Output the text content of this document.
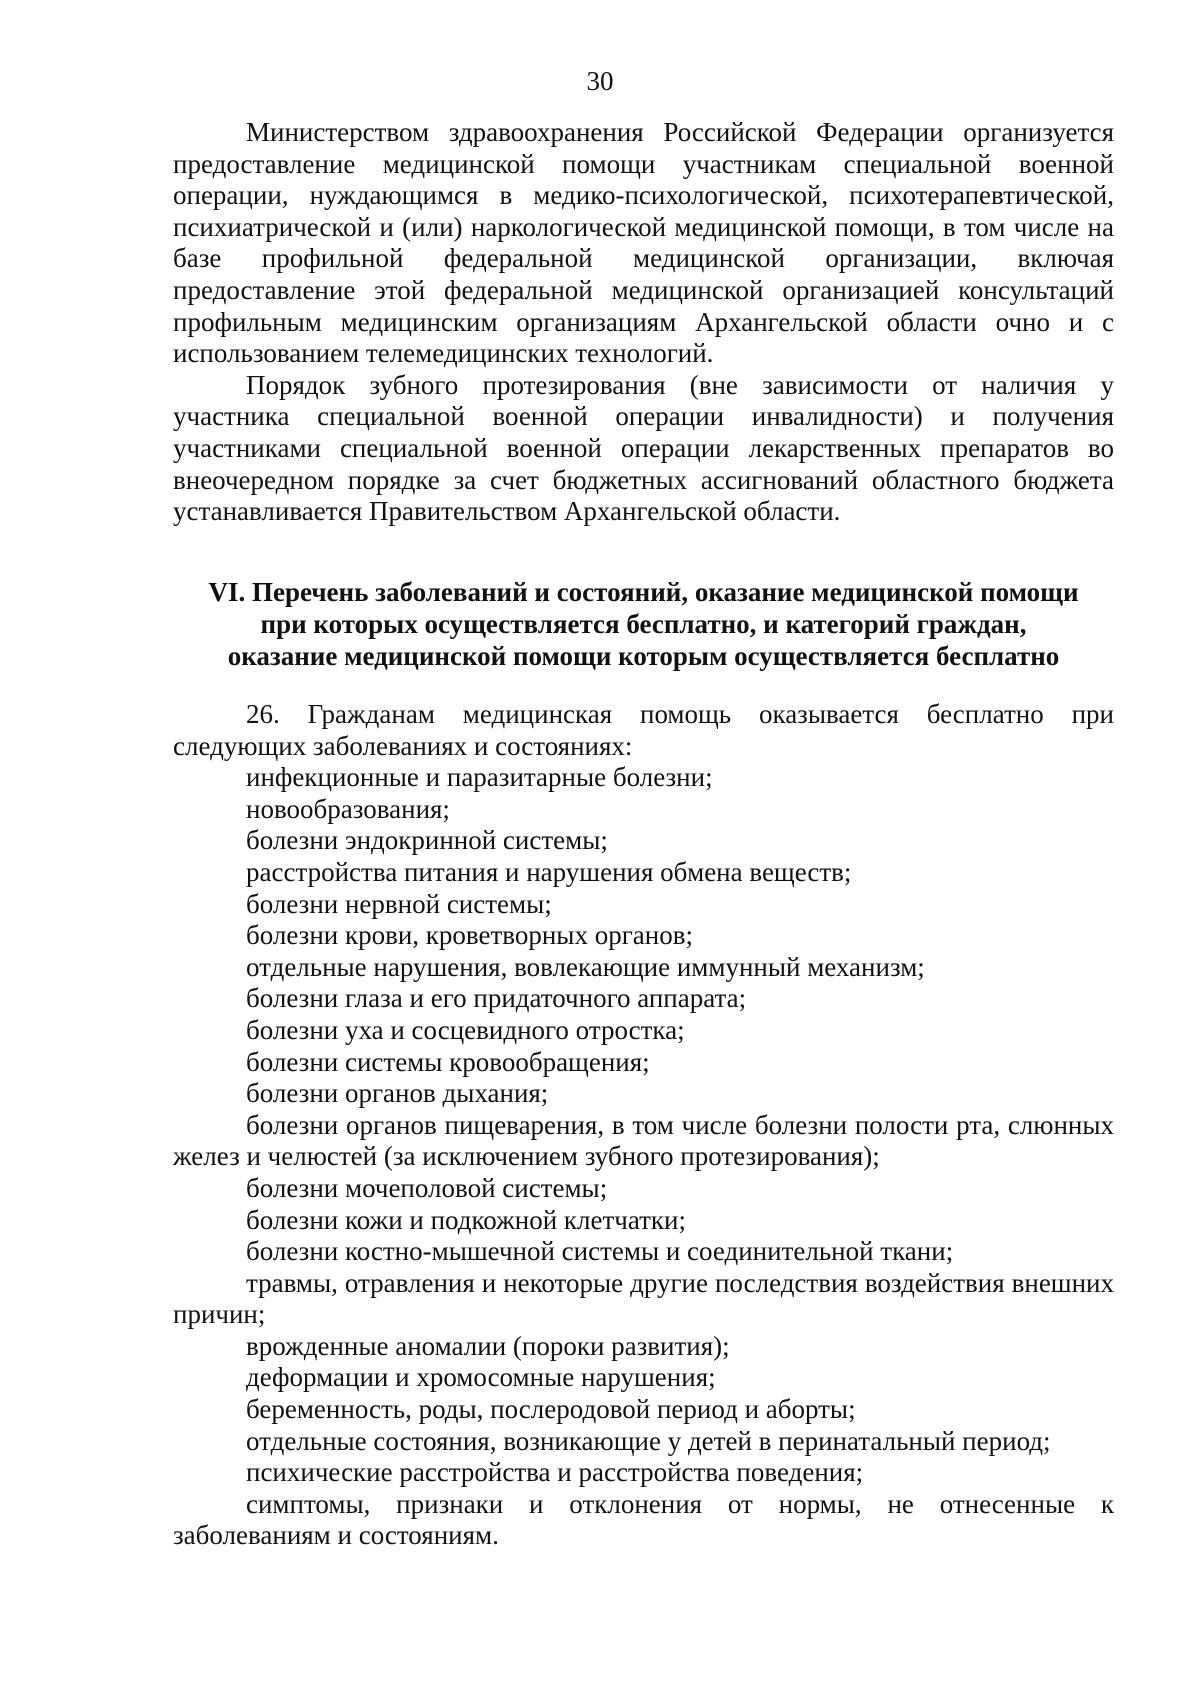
30

Министерством здравоохранения Российской Федерации организуется предоставление медицинской помощи участникам специальной военной операции, нуждающимся в медико-психологической, психотерапевтической, психиатрической и (или) наркологической медицинской помощи, в том числе на базе профильной федеральной медицинской организации, включая предоставление этой федеральной медицинской организацией консультаций профильным медицинским организациям Архангельской области очно и с использованием телемедицинских технологий.

Порядок зубного протезирования (вне зависимости от наличия у участника специальной военной операции инвалидности) и получения участниками специальной военной операции лекарственных препаратов во внеочередном порядке за счет бюджетных ассигнований областного бюджета устанавливается Правительством Архангельской области.

VI. Перечень заболеваний и состояний, оказание медицинской помощи

при которых осуществляется бесплатно, и категорий граждан,

оказание медицинской помощи которым осуществляется бесплатно

26. Гражданам медицинская помощь оказывается бесплатно при следующих заболеваниях и состояниях:

инфекционные и паразитарные болезни;

новообразования;

болезни эндокринной системы;

расстройства питания и нарушения обмена веществ;

болезни нервной системы;

болезни крови, кроветворных органов;

отдельные нарушения, вовлекающие иммунный механизм;

болезни глаза и его придаточного аппарата;

болезни уха и сосцевидного отростка;

болезни системы кровообращения;

болезни органов дыхания;

болезни органов пищеварения, в том числе болезни полости рта, слюнных желез и челюстей (за исключением зубного протезирования);

болезни мочеполовой системы;

болезни кожи и подкожной клетчатки;

болезни костно-мышечной системы и соединительной ткани;

травмы, отравления и некоторые другие последствия воздействия внешних причин;

врожденные аномалии (пороки развития);

деформации и хромосомные нарушения;

беременность, роды, послеродовой период и аборты;

отдельные состояния, возникающие у детей в перинатальный период;

психические расстройства и расстройства поведения;

симптомы, признаки и отклонения от нормы, не отнесенные к заболеваниям и состояниям.
